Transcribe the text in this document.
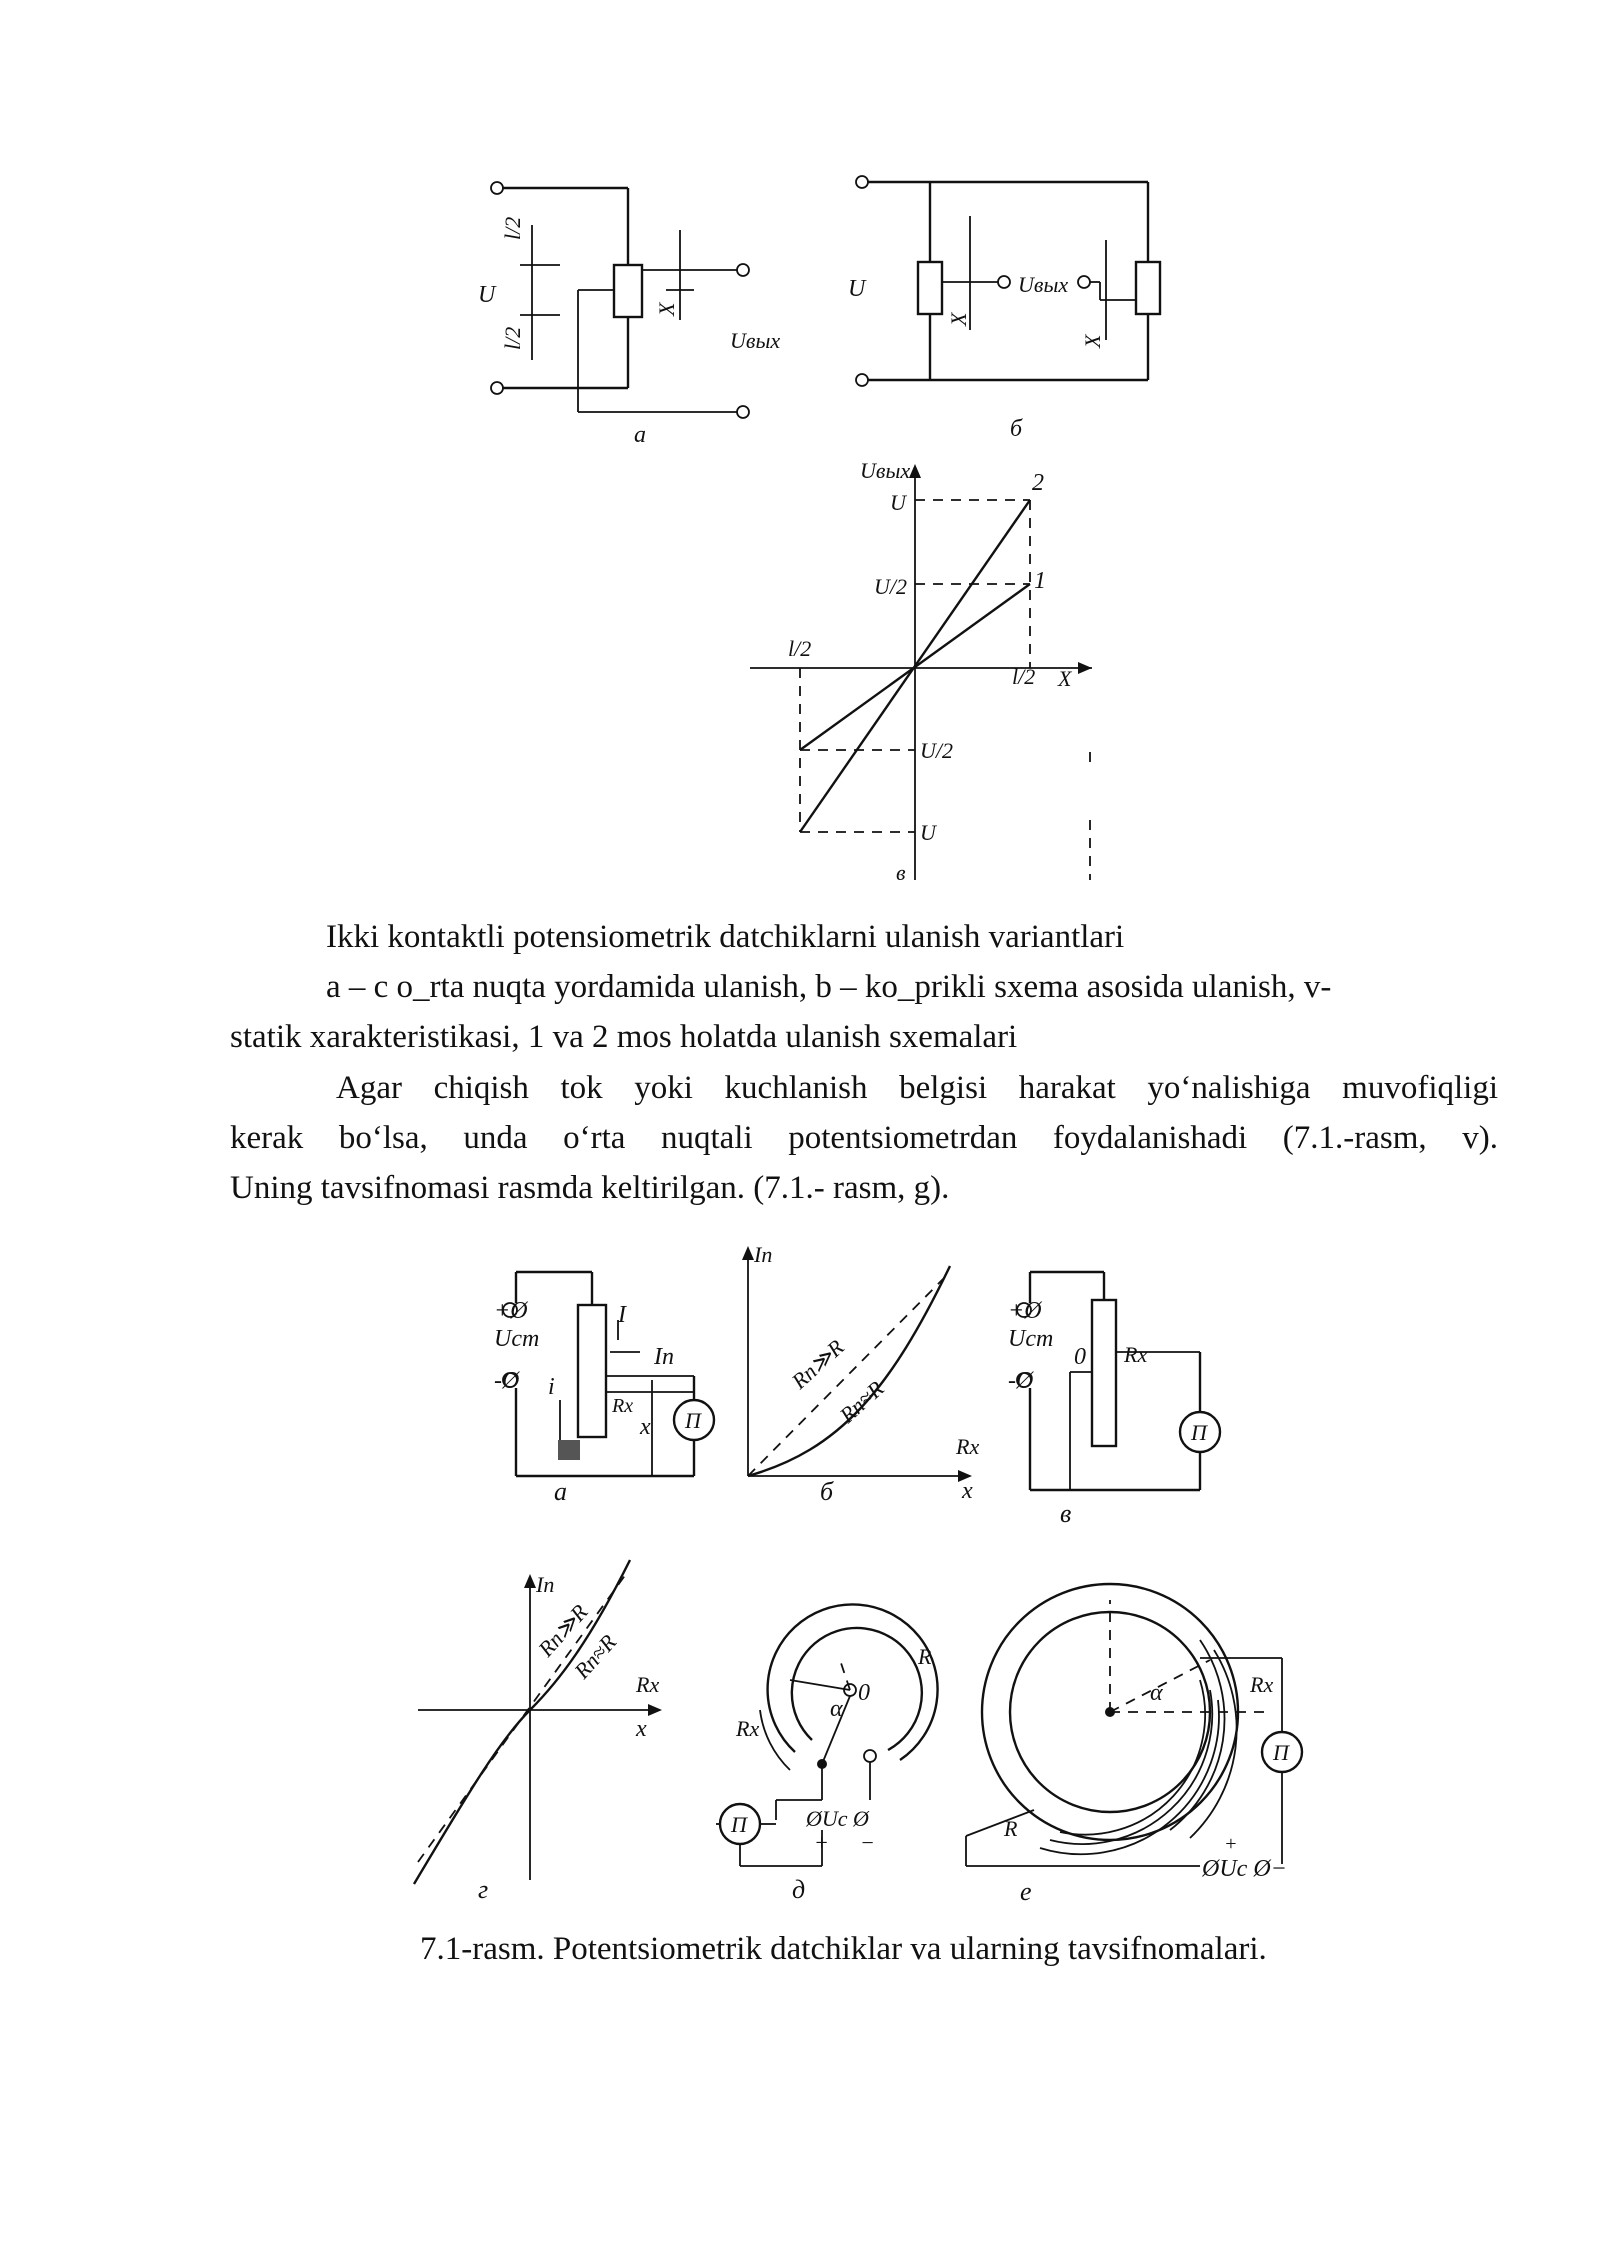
l/2
U
l/2
X
Uвых
а
U
X
Uвых
X
б
Uвых	2
U
1
U/2
l/2
l/2 X
U/2
U
в
Ikki kontaktli potensiometrik datchiklarni ulanish variantlari
a – с o_rta nuqta yordamida ulanish, b – ko_prikli sxema asosida ulanish, v-
statik xarakteristikasi, 1 va 2 mos holatda ulanish sxemalari
Agar chiqish tok yoki kuchlanish belgisi harakat yo‘nalishiga muvofiqligi
kerak bo‘lsa, unda o‘rta nuqtali potentsiometrdan foydalanishadi (7.1.-rasm, v).
Uning tavsifnomasi rasmda keltirilgan. (7.1.- rasm, g).
+Ø
Uст
-Ø
I
Iп
i
Rx
x П
а
Iп
Rп≫R
Rп≈R
Rx
x
б
+Ø
Uст
-Ø
0 Rx
П
в
Iп
Rп≫R
Rп≈R
Rx
x
г
R
0
α
Rx
П	ØUc Ø
+ −
д
α	Rx
R
П
+
ØUc Ø−
е
7.1-rasm. Potentsiometrik datchiklar va ularning tavsifnomalari.
